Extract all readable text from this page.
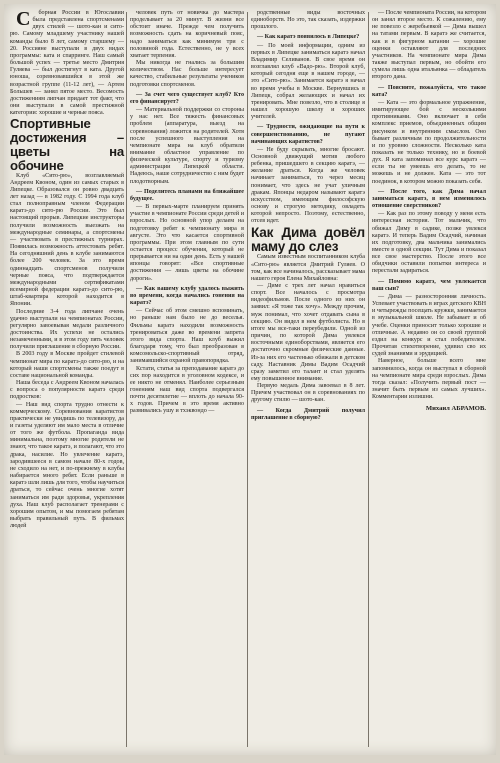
С борная России в Югославии была представлена спортсменами двух стилей — шото-кан и сито-рю. Самому младшему участнику нашей команды было 8 лет, самому старшему — 20. Россияне выступали в двух видах программы: ката и спарринге. Наш самый большой успех — третье место Дмитрия Гуляева — был достигнут в ката. Другой юноша, соревновавшийся в этой же возрастной группе (11-12 лет), — Артем Большев — занял пятое место. Весомость достижениям липчан придает тот факт, что они выступали в самой престижной категории: хорошие и черные пояса.

Спортивные достижения – цветы на обочине

Клуб «Сито-рю», возглавляемый Андреем Квоном, один из самых старых в Липецке. Образовался он ровно двадцать лет назад — в 1982 году. С 1994 года клуб стал полноправным членом Федерации каратэ-до сито-рю России. Это был настоящий прорыв. Липецкие инструкторы получили возможность выезжать на международные семинары, а спортсмены — участвовать в престижных турнирах. Появилась возможность аттестовать ребят. На сегодняшний день в клубе занимаются более 200 человек. За это время одиннадцать спортсменов получили черные пояса, что подтверждается международными сертификатами всемирной федерации каратэ-до сито-рю, штаб-квартира которой находится в Японии.

Последние 3-4 года липчане очень удачно выступали на чемпионатах России, регулярно завоевывая медали различного достоинства. Их успехи не остались незамеченными, и в этом году пять человек получили приглашение в сборную России.

В 2003 году в Москве пройдет стилевой чемпионат мира по каратэ-до сито-рю, и на который наши спортсмены также поедут в составе национальной команды.

Наша беседа с Андреем Квоном началась с вопроса о популярности каратэ среди подростков:

— Наш вид спорта трудно отнести к коммерческому. Соревнования каратистов практически не увидишь по телевизору, да и газеты уделяют им мало места в отличие от того же футбола. Пропаганда вида минимальна, поэтому многие родители не знают, что такое каратэ, и полагают, что это драка, насилие. Но увлечение каратэ, зародившееся в самом начале 80-х годов, не сходило на нет, и по-прежнему в клубы набирается много ребят. Если раньше в каратэ шли лишь для того, чтобы научиться драться, то сейчас очень многие хотят заниматься им ради здоровья, укрепления духа. Наш клуб располагает тренерами с хорошим опытом, и мы помогаем ребятам выбрать правильный путь. В фильмах людей

человек путь от новичка до мастера проделывает за 20 минут. В жизни все обстоит иначе. Прежде чем получить возможность сдать на коричневый пояс, надо заниматься как минимум три с половиной года. Естественно, не у всех хватает терпения.

Мы никогда не гнались за большим количеством. Нас больше интересует качество, стабильные результаты учеников подготовки спортсменов.

— За счет чего существует клуб? Кто его финансирует?

— Материальной поддержки со стороны у нас нет. Все тяжесть финансовых проблем (аппаратура, выезд на соревнования) ложится на родителей. Хотя после успешного выступления на чемпионате мира на клуб обратили внимание областное управление по физической культуре, спорту и туризму администрации Липецкой области. Надеюсь, наше сотрудничество с ним будет плодотворным.

— Поделитесь планами на ближайшее будущее.

— В первых-марте планируем принять участие в чемпионате России среди детей и взрослых. Но основной упор делаем на подготовку ребят к чемпионату мира в августе. Это что касается спортивной программы. При этом главным по сути остается процесс обучения, который не прерывается ни на один день. Есть у нашей японцы говорят: «Все спортивные достижения — лишь цветы на обочине дороги».

— Как вашему клубу удалось выжить во времени, когда начались гонения на каратэ?

— Сейчас об этом смешно вспоминать, но раньше нам было не до веселья. Фильмы каратэ находили возможность тренироваться даже во времени запрета этого вида спорта. Наш клуб выжил благодаря тому, что был преобразован в комсомольско-спортивный отряд, занимавшийся охраной правопорядка.

Кстати, статья за преподавание каратэ до сих пор находится в уголовном кодексе, и ее никто не отменял. Наиболее серьезным гонениям наш вид спорта подвергался почти десятилетие — вплоть до начала 90-х годов. Причем в это время активно развивались ушу и тхэквондо —

родственные виды восточных единоборств. Но это, так сказать, издержки прошлого.

— Как каратэ появилось в Липецке?

— По моей информации, одним из первых в Липецке заниматься каратэ начал Владимир Селиванов. В свое время он возглавлял клуб «Вадо-рю». Второй клуб, который сегодня еще в нашем городе, — это «Сито-рю». Занимается каратэ я начал во время учебы в Москве. Вернувшись в Липецк, собрал желающих и начал их тренировать. Мне повезло, что в столице я нашел хорошую школу и хороших учителей.

— Трудности, ожидающие на пути к совершенствованию, не пугают начинающих каратистов?

— Не буду скрывать, многие бросают. Основной движущий мотив любого ребенка, пришедшего в секцию каратэ, — желание драться. Когда же человек начинает заниматься, то через месяц понимает, что здесь не учат уличным дракам. Японцы недаром называют каратэ искусством, имеющим философскую основу и строгую методику, овладеть которой непросто. Поэтому, естественно, отсев идет.

Как Дима довёл маму до слез

Самым известным воспитанником клуба «Сито-рю» является Дмитрий Гуляев. О том, как все начиналось, рассказывает мама нашего героя Елена Михайловна:

— Диме с трех лет начал нравиться спорт. Все началось с просмотра видеофильмов. После одного из них он заявил: «Я тоже так хочу». Между прочим, муж понимал, что хочет отдавать сына в секцию. Он видел в нем футболиста. Но в итоге мы все-таки переубедили. Одной из причин, по которой Дима увлекся восточными единоборствами, является его достаточно скромные физические данные. Из-за них его частенько обижали в детском саду. Наставник Димы Вадим Осадчий сразу заметил его талант и стал уделять ему повышенное внимание.

Первую медаль Дима завоевал в 8 лет. Причем участвовал он в соревнованиях по другому стилю — шото-кан.

— Когда Дмитрий получил приглашение в сборную?

— После чемпионата России, на котором он занял второе место. К сожалению, ему не повезло с жеребьевкой — Дима вышел на татами первым. В каратэ же считается, как и в фигурном катании — хорошие оценки оставляют для последних участников. На чемпионате мира Дима также выступал первым, но обойти его сумела лишь одна итальянка — обладатель второго дана.

— Поясните, пожалуйста, что такое ката?

— Ката — это формальное упражнение, имитирующее бой с несколькими противниками. Оно включает в себя комплекс приемов, объединенных общим рисунком и внутренним смыслом. Оно бывает различным по продолжительности и по уровню сложности. Несколько ката показать не только технику, но и боевой дух. Я ката запоминал все курс каратэ — если ты не умеешь его делать, то не можешь и не должен. Ката — это тот поединок, в котором можно показать себя.

— После того, как Дима начал заниматься каратэ, в нем изменилось отношение сверстников?

— Как раз по этому поводу у меня есть интересная история. Тот мальчик, что обижал Диму в садике, позже увлекся каратэ. И теперь Вадим Осадчий, начиная их подготовку, два мальчика занимались вместе в одной секции. Тут Дима и показал все свое мастерство. После этого все обидчики оставили попытки интереса и перестали задираться.

— Помимо каратэ, чем увлекается ваш сын?

— Дима — разносторонняя личность. Успевает участвовать в играх детского КВН и четырежды посещать кружки, занимается в музыкальной школе. Не забывает и об учебе. Оценки приносит только хорошие и отличные. А недавно он со своей группой ездил на конкурс и стал победителем. Прочитав стихотворение, удивил сво их судей знаниями и эрудицией.

Наверное, больше всего мне запомнилось, когда он выступал в сборной на чемпионате мира среди взрослых. Дима тогда сказал: «Получить первый пост — значит быть первым из самых лучших». Комментарии излишни.

Михаил АБРАМОВ.
